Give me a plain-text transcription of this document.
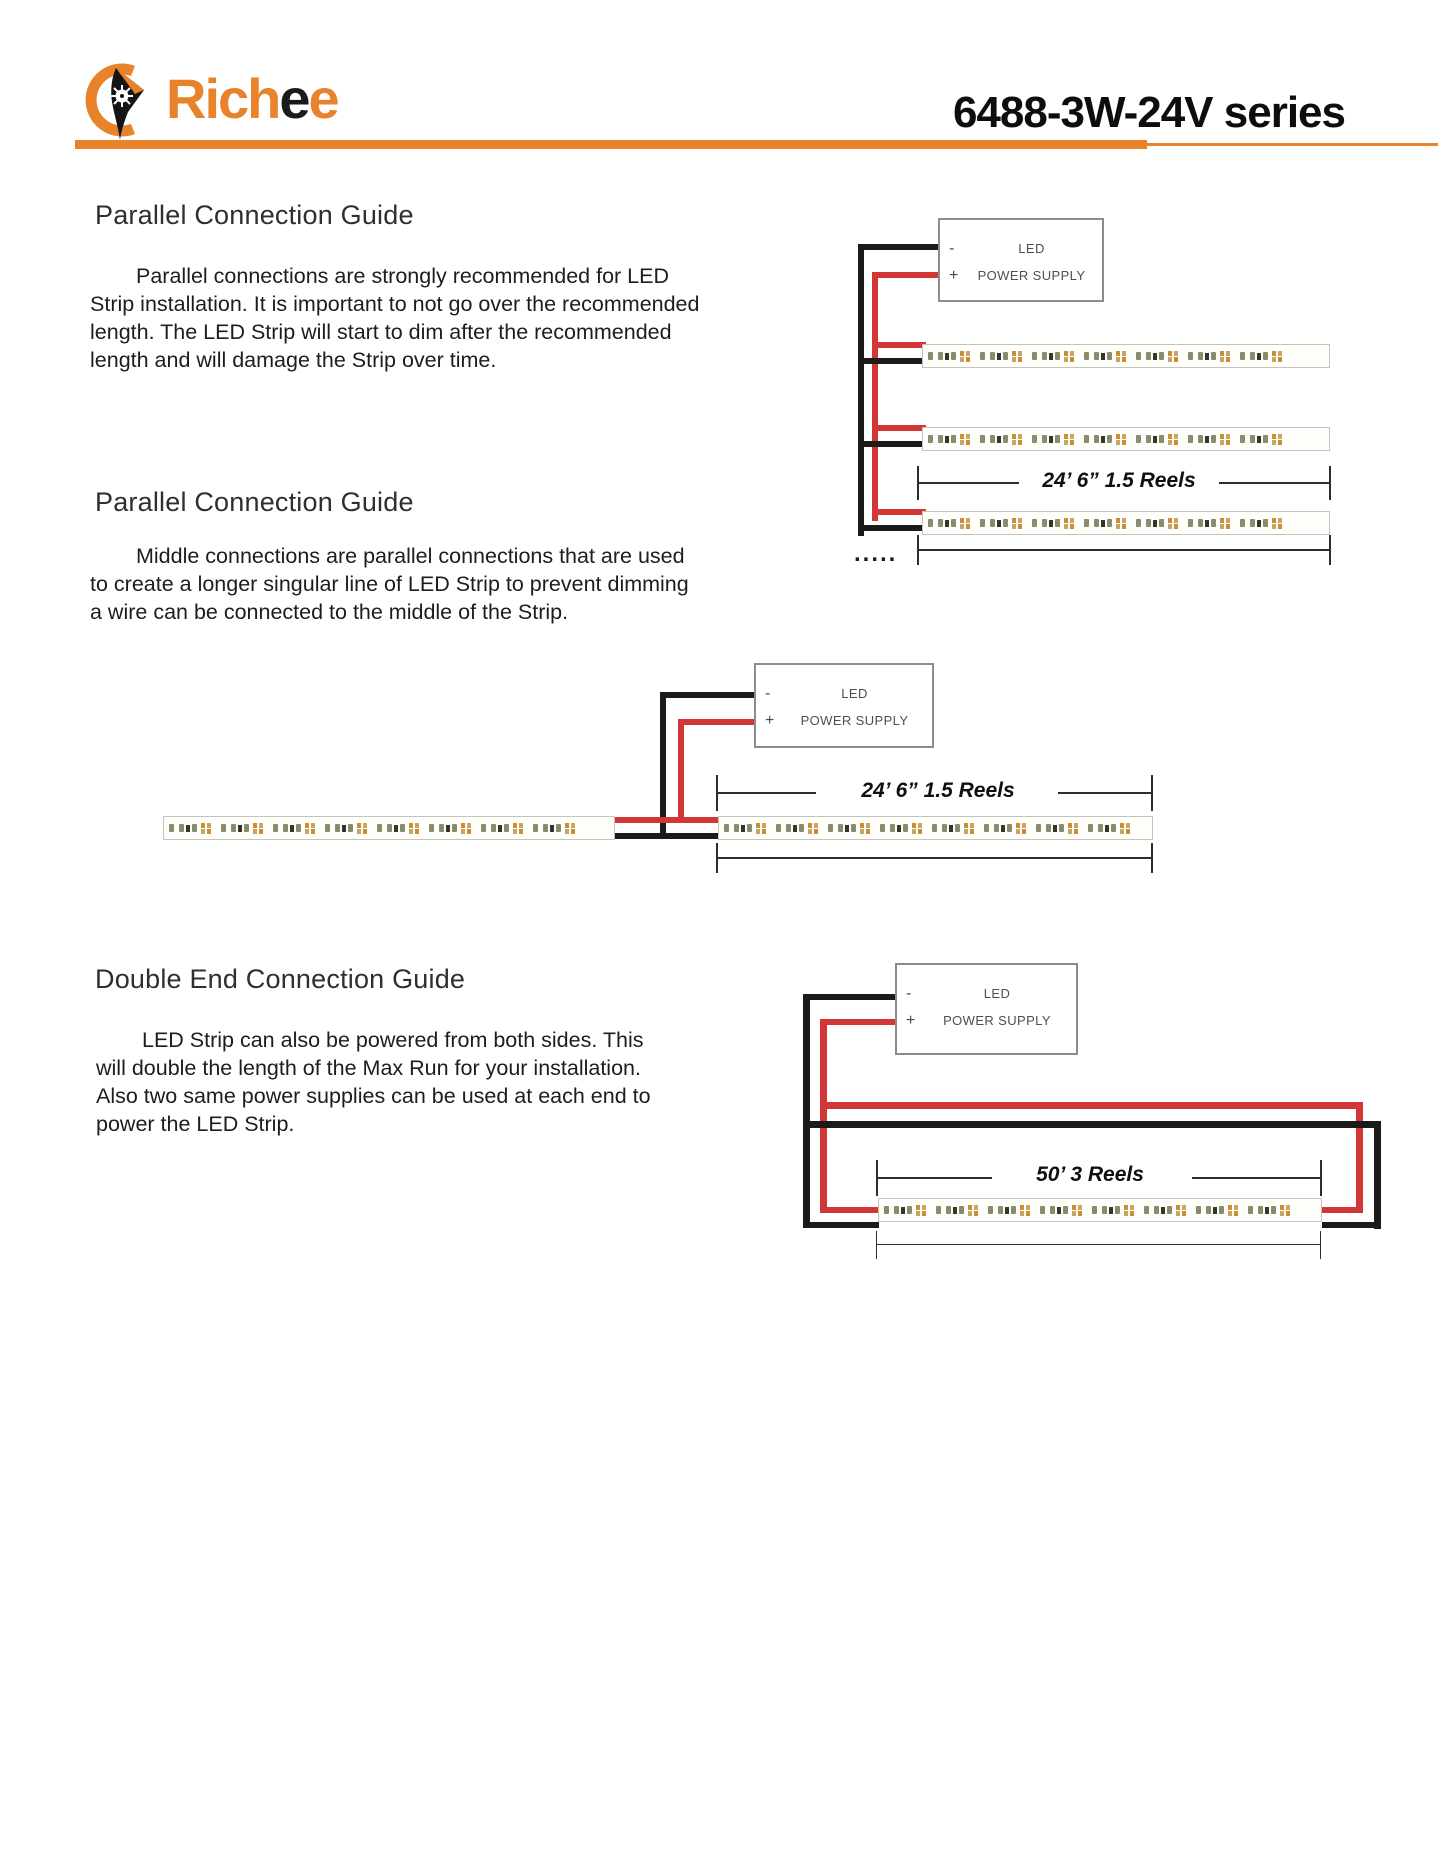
Richee	6488-3W-24V series
Parallel Connection Guide
Parallel connections are strongly recommended for LED
Strip installation. It is important to not go over the recommended
length. The LED Strip will start to dim after the recommended
length and will damage the Strip over time.
-	LED
+	POWER SUPPLY
24’ 6” 1.5 Reels
.....
Parallel Connection Guide
Middle connections are parallel connections that are used
to create a longer singular line of LED Strip to prevent dimming
a wire can be connected to the middle of the Strip.
-	LED
+	POWER SUPPLY
24’ 6” 1.5 Reels
Double End Connection Guide
LED Strip can also be powered from both sides. This
will double the length of the Max Run for your installation.
Also two same power supplies can be used at each end to
power the LED Strip.
-	LED
+	POWER SUPPLY
50’ 3 Reels
